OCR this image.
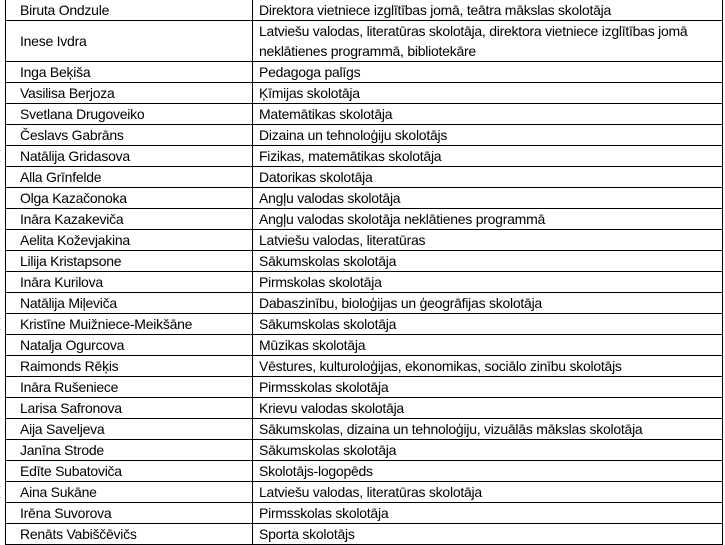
Biruta Ondzule	Direktora vietniece izglītības jomā, teātra mākslas skolotāja
Inese Ivdra	Latviešu valodas, literatūras skolotāja, direktora vietniece izglītības jomā neklātienes programmā, bibliotekāre
Inga Beķiša	Pedagoga palīgs
Vasilisa Berjoza	Ķīmijas skolotāja
Svetlana Drugoveiko	Matemātikas skolotāja
Česlavs Gabrāns	Dizaina un tehnoloģiju skolotājs
Natālija Gridasova	Fizikas, matemātikas skolotāja
Alla Grīnfelde	Datorikas skolotāja
Olga Kazačonoka	Angļu valodas skolotāja
Ināra Kazakeviča	Angļu valodas skolotāja neklātienes programmā
Aelita Koževjakina	Latviešu valodas, literatūras
Lilija Kristapsone	Sākumskolas skolotāja
Ināra Kurilova	Pirmskolas skolotāja
Natālija Miļeviča	Dabaszinību, bioloģijas un ģeogrāfijas skolotāja
Kristīne Muižniece-Meikšāne	Sākumskolas skolotāja
Natalja Ogurcova	Mūzikas skolotāja
Raimonds Rēķis	Vēstures, kulturoloģijas, ekonomikas, sociālo zinību skolotājs
Ināra Rušeniece	Pirmsskolas skolotāja
Larisa Safronova	Krievu valodas skolotāja
Aija Saveljeva	Sākumskolas, dizaina un tehnoloģiju, vizuālās mākslas skolotāja
Janīna Strode	Sākumskolas skolotāja
Edīte Subatoviča	Skolotājs-logopēds
Aina Sukāne	Latviešu valodas, literatūras skolotāja
Irēna Suvorova	Pirmsskolas skolotāja
Renāts Vabiščēvičs	Sporta skolotājs
